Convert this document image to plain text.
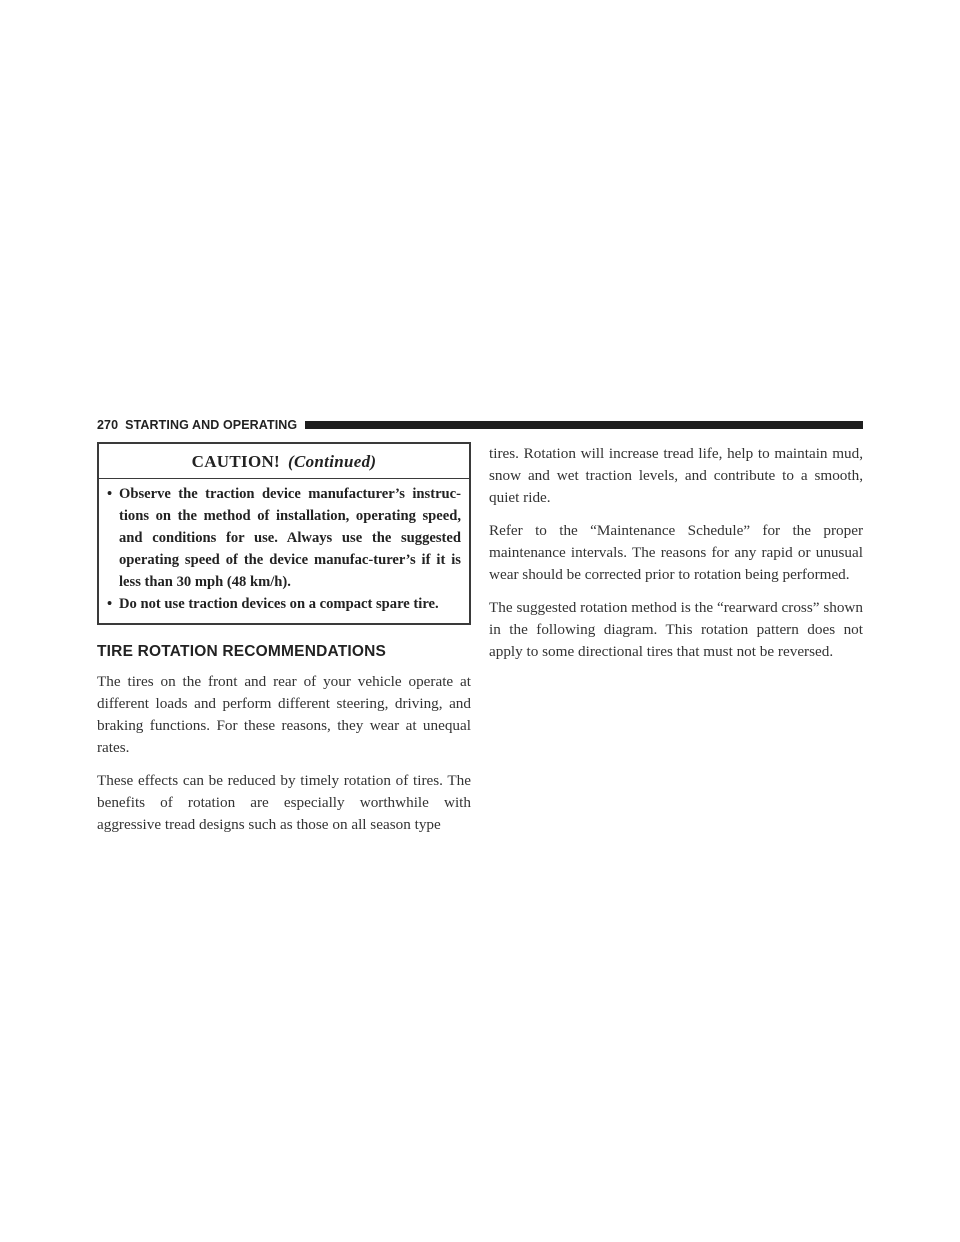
270 STARTING AND OPERATING
CAUTION! (Continued)
• Observe the traction device manufacturer’s instruc-tions on the method of installation, operating speed, and conditions for use. Always use the suggested operating speed of the device manufac-turer’s if it is less than 30 mph (48 km/h).
• Do not use traction devices on a compact spare tire.
TIRE ROTATION RECOMMENDATIONS

The tires on the front and rear of your vehicle operate at different loads and perform different steering, driving, and braking functions. For these reasons, they wear at unequal rates.

These effects can be reduced by timely rotation of tires. The benefits of rotation are especially worthwhile with aggressive tread designs such as those on all season type

tires. Rotation will increase tread life, help to maintain mud, snow and wet traction levels, and contribute to a smooth, quiet ride.

Refer to the “Maintenance Schedule” for the proper maintenance intervals. The reasons for any rapid or unusual wear should be corrected prior to rotation being performed.

The suggested rotation method is the “rearward cross” shown in the following diagram. This rotation pattern does not apply to some directional tires that must not be reversed.
